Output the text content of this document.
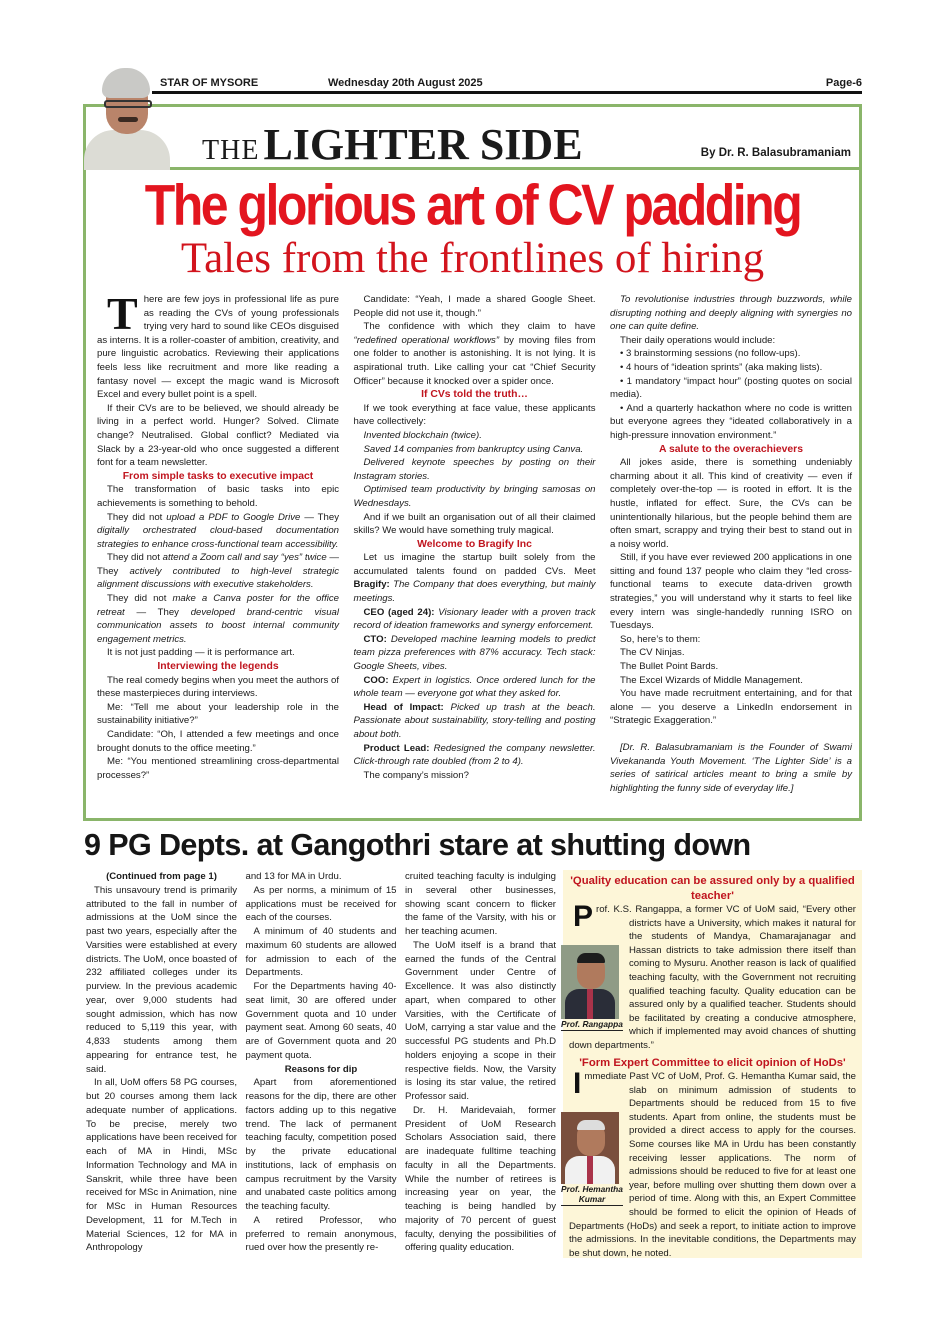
STAR OF MYSORE	Wednesday 20th August 2025	Page-6
THE LIGHTER SIDE	By Dr. R. Balasubramaniam
The glorious art of CV padding
Tales from the frontlines of hiring

There are few joys in professional life as pure as reading the CVs of young professionals trying very hard to sound like CEOs disguised as interns. It is a roller-coaster of ambition, creativity, and pure linguistic acrobatics. Reviewing their applications feels less like recruitment and more like reading a fantasy novel — except the magic wand is Microsoft Excel and every bullet point is a spell.

If their CVs are to be believed, we should already be living in a perfect world. Hunger? Solved. Climate change? Neutralised. Global conflict? Mediated via Slack by a 23-year-old who once suggested a different font for a team newsletter.

From simple tasks to executive impact

The transformation of basic tasks into epic achievements is something to behold.

They did not upload a PDF to Google Drive — They digitally orchestrated cloud-based documentation strategies to enhance cross-functional team accessibility.

They did not attend a Zoom call and say “yes” twice — They actively contributed to high-level strategic alignment discussions with executive stakeholders.

They did not make a Canva poster for the office retreat — They developed brand-centric visual communication assets to boost internal community engagement metrics.

It is not just padding — it is performance art.

Interviewing the legends

The real comedy begins when you meet the authors of these masterpieces during interviews.

Me: “Tell me about your leadership role in the sustainability initiative?”

Candidate: “Oh, I attended a few meetings and once brought donuts to the office meeting.”

Me: “You mentioned streamlining cross-departmental processes?”

Candidate: “Yeah, I made a shared Google Sheet. People did not use it, though.”

The confidence with which they claim to have “redefined operational workflows” by moving files from one folder to another is astonishing. It is not lying. It is aspirational truth. Like calling your cat “Chief Security Officer” because it knocked over a spider once.

If CVs told the truth…

If we took everything at face value, these applicants have collectively:

Invented blockchain (twice).

Saved 14 companies from bankruptcy using Canva.

Delivered keynote speeches by posting on their Instagram stories.

Optimised team productivity by bringing samosas on Wednesdays.

And if we built an organisation out of all their claimed skills? We would have something truly magical.

Welcome to Bragify Inc

Let us imagine the startup built solely from the accumulated talents found on padded CVs. Meet Bragify: The Company that does everything, but mainly meetings.

CEO (aged 24): Visionary leader with a proven track record of ideation frameworks and synergy enforcement.

CTO: Developed machine learning models to predict team pizza preferences with 87% accuracy. Tech stack: Google Sheets, vibes.

COO: Expert in logistics. Once ordered lunch for the whole team — everyone got what they asked for.

Head of Impact: Picked up trash at the beach. Passionate about sustainability, story-telling and posting about both.

Product Lead: Redesigned the company newsletter. Click-through rate doubled (from 2 to 4).

The company’s mission?

To revolutionise industries through buzzwords, while disrupting nothing and deeply aligning with synergies no one can quite define.

Their daily operations would include:

• 3 brainstorming sessions (no follow-ups).

• 4 hours of “ideation sprints” (aka making lists).

• 1 mandatory “impact hour” (posting quotes on social media).

• And a quarterly hackathon where no code is written but everyone agrees they “ideated collaboratively in a high-pressure innovation environment.”

A salute to the overachievers

All jokes aside, there is something undeniably charming about it all. This kind of creativity — even if completely over-the-top — is rooted in effort. It is the hustle, inflated for effect. Sure, the CVs can be unintentionally hilarious, but the people behind them are often smart, scrappy and trying their best to stand out in a noisy world.

Still, if you have ever reviewed 200 applications in one sitting and found 137 people who claim they “led cross-functional teams to execute data-driven growth strategies,” you will understand why it starts to feel like every intern was single-handedly running ISRO on Tuesdays.

So, here’s to them:

The CV Ninjas.

The Bullet Point Bards.

The Excel Wizards of Middle Management.

You have made recruitment entertaining, and for that alone — you deserve a LinkedIn endorsement in “Strategic Exaggeration.”

[Dr. R. Balasubramaniam is the Founder of Swami Vivekananda Youth Movement. ‘The Lighter Side’ is a series of satirical articles meant to bring a smile by highlighting the funny side of everyday life.]

9 PG Depts. at Gangothri stare at shutting down

(Continued from page 1)

This unsavoury trend is primarily attributed to the fall in number of admissions at the UoM since the past two years, especially after the Varsities were established at every districts. The UoM, once boasted of 232 affiliated colleges under its purview. In the previous academic year, over 9,000 students had sought admission, which has now reduced to 5,119 this year, with 4,833 students among them appearing for entrance test, he said.

In all, UoM offers 58 PG courses, but 20 courses among them lack adequate number of applications. To be precise, merely two applications have been received for each of MA in Hindi, MSc Information Technology and MA in Sanskrit, while three have been received for MSc in Animation, nine for MSc in Human Resources Development, 11 for M.Tech in Material Sciences, 12 for MA in Anthropology

and 13 for MA in Urdu.

As per norms, a minimum of 15 applications must be received for each of the courses.

A minimum of 40 students and maximum 60 students are allowed for admission to each of the Departments.

For the Departments having 40-seat limit, 30 are offered under Government quota and 10 under payment seat. Among 60 seats, 40 are of Government quota and 20 payment quota.

Reasons for dip

Apart from aforementioned reasons for the dip, there are other factors adding up to this negative trend. The lack of permanent teaching faculty, competition posed by the private educational institutions, lack of emphasis on campus recruitment by the Varsity and unabated caste politics among the teaching faculty.

A retired Professor, who preferred to remain anonymous, rued over how the presently re-

cruited teaching faculty is indulging in several other businesses, showing scant concern to flicker the fame of the Varsity, with his or her teaching acumen.

The UoM itself is a brand that earned the funds of the Central Government under Centre of Excellence. It was also distinctly apart, when compared to other Varsities, with the Certificate of UoM, carrying a star value and the successful PG students and Ph.D holders enjoying a scope in their respective fields. Now, the Varsity is losing its star value, the retired Professor said.

Dr. H. Maridevaiah, former President of UoM Research Scholars Association said, there are inadequate fulltime teaching faculty in all the Departments. While the number of retirees is increasing year on year, the teaching is being handled by majority of 70 percent of guest faculty, denying the possibilities of offering quality education.

'Quality education can be assured only by a qualified teacher'
P
Prof. Rangappa
rof. K.S. Rangappa, a former VC of UoM said, “Every other districts have a University, which makes it natural for the students of Mandya, Chamarajanagar and Hassan districts to take admission there itself than coming to Mysuru. Another reason is lack of qualified teaching faculty, with the Government not recruiting qualified teaching faculty. Quality education can be assured only by a qualified teacher. Students should be facilitated by creating a conducive atmosphere, which if implemented may avoid chances of shutting down departments.”
'Form Expert Committee to elicit opinion of HoDs'
I
Prof. Hemantha Kumar
mmediate Past VC of UoM, Prof. G. Hemantha Kumar said, the slab on minimum admission of students to Departments should be reduced from 15 to five students. Apart from online, the students must be provided a direct access to apply for the courses. Some courses like MA in Urdu has been constantly receiving lesser applications. The norm of admissions should be reduced to five for at least one year, before mulling over shutting them down over a period of time. Along with this, an Expert Committee should be formed to elicit the opinion of Heads of Departments (HoDs) and seek a report, to initiate action to improve the admissions. In the inevitable conditions, the Departments may be shut down, he noted.
